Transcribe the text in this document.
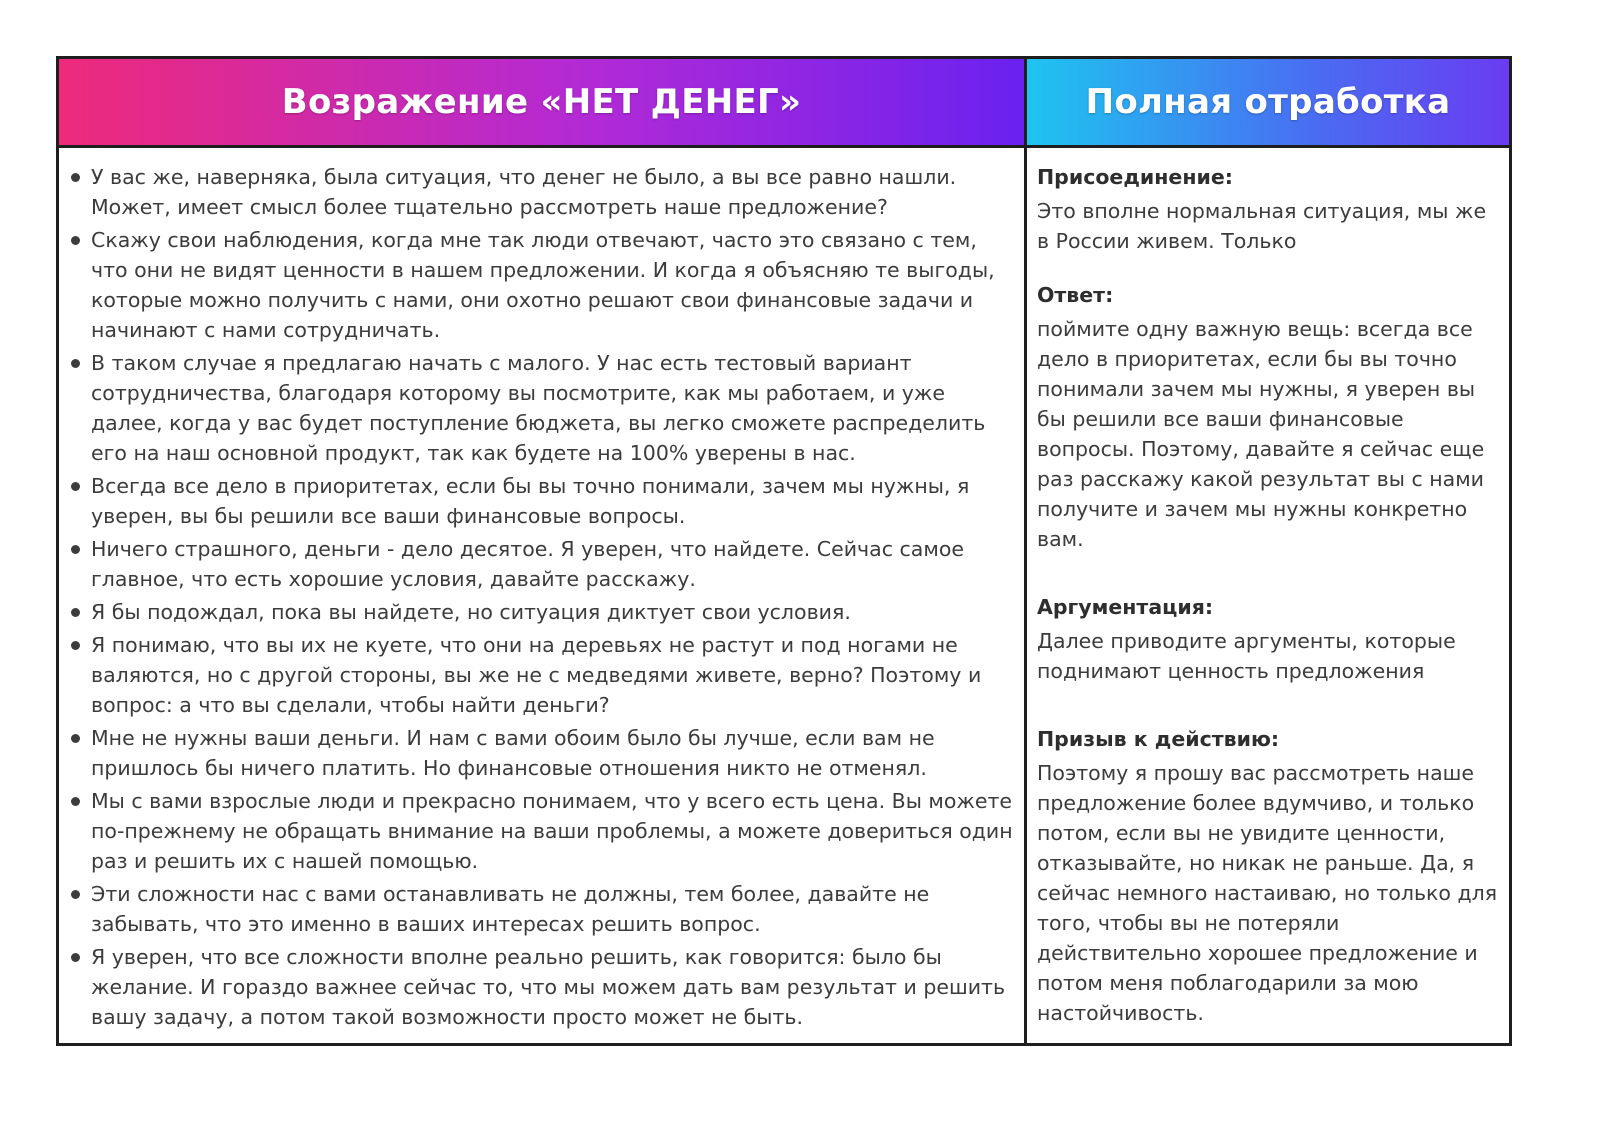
Возражение «НЕТ ДЕНЕГ»	Полная отработка
У вас же, наверняка, была ситуация, что денег не было, а вы все равно нашли. Может, имеет смысл более тщательно рассмотреть наше предложение?
Скажу свои наблюдения, когда мне так люди отвечают, часто это связано с тем, что они не видят ценности в нашем предложении. И когда я объясняю те выгоды, которые можно получить с нами, они охотно решают свои финансовые задачи и начинают с нами сотрудничать.
В таком случае я предлагаю начать с малого. У нас есть тестовый вариант сотрудничества, благодаря которому вы посмотрите, как мы работаем, и уже далее, когда у вас будет поступление бюджета, вы легко сможете распределить его на наш основной продукт, так как будете на 100% уверены в нас.
Всегда все дело в приоритетах, если бы вы точно понимали, зачем мы нужны, я уверен, вы бы решили все ваши финансовые вопросы.
Ничего страшного, деньги - дело десятое. Я уверен, что найдете. Сейчас самое главное, что есть хорошие условия, давайте расскажу.
Я бы подождал, пока вы найдете, но ситуация диктует свои условия.
Я понимаю, что вы их не куете, что они на деревьях не растут и под ногами не валяются, но с другой стороны, вы же не с медведями живете, верно? Поэтому и вопрос: а что вы сделали, чтобы найти деньги?
Мне не нужны ваши деньги. И нам с вами обоим было бы лучше, если вам не пришлось бы ничего платить. Но финансовые отношения никто не отменял.
Мы с вами взрослые люди и прекрасно понимаем, что у всего есть цена. Вы можете по-прежнему не обращать внимание на ваши проблемы, а можете довериться один раз и решить их с нашей помощью.
Эти сложности нас с вами останавливать не должны, тем более, давайте не забывать, что это именно в ваших интересах решить вопрос.
Я уверен, что все сложности вполне реально решить, как говорится: было бы желание. И гораздо важнее сейчас то, что мы можем дать вам результат и решить вашу задачу, а потом такой возможности просто может не быть.
Присоединение:
Это вполне нормальная ситуация, мы же в России живем. Только
Ответ:
поймите одну важную вещь: всегда все дело в приоритетах, если бы вы точно понимали зачем мы нужны, я уверен вы бы решили все ваши финансовые вопросы. Поэтому, давайте я сейчас еще раз расскажу какой результат вы с нами получите и зачем мы нужны конкретно вам.
Аргументация:
Далее приводите аргументы, которые поднимают ценность предложения
Призыв к действию:
Поэтому я прошу вас рассмотреть наше предложение более вдумчиво, и только потом, если вы не увидите ценности, отказывайте, но никак не раньше. Да, я сейчас немного настаиваю, но только для того, чтобы вы не потеряли действительно хорошее предложение и потом меня поблагодарили за мою настойчивость.
